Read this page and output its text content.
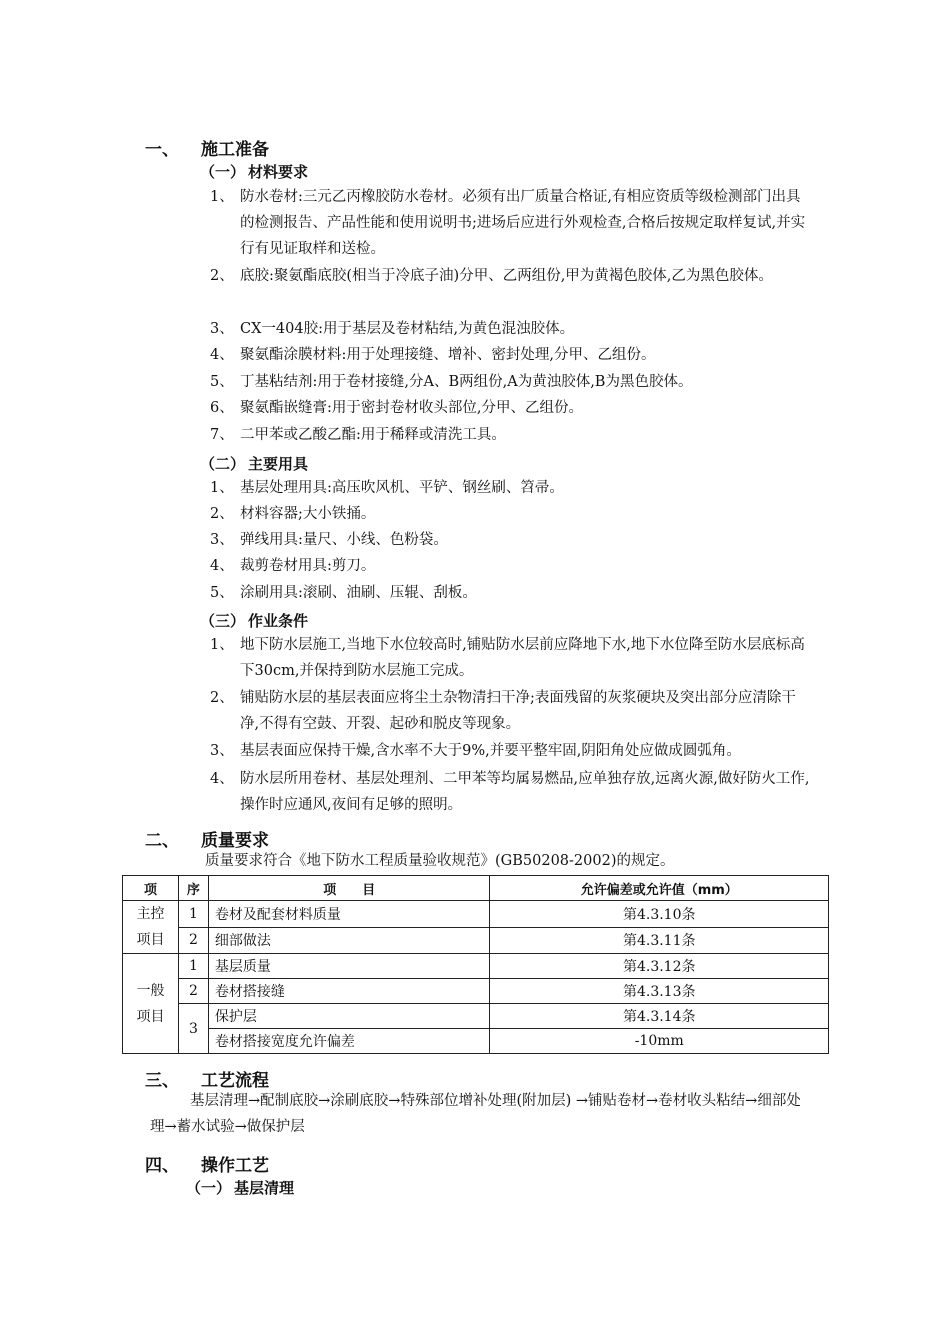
一、 施工准备
（一） 材料要求
1、 防水卷材:三元乙丙橡胶防水卷材。必须有出厂质量合格证,有相应资质等级检测部门出具的检测报告、产品性能和使用说明书;进场后应进行外观检查,合格后按规定取样复试,并实行有见证取样和送检。
2、 底胶:聚氨酯底胶(相当于冷底子油)分甲、乙两组份,甲为黄褐色胶体,乙为黑色胶体。
3、 CX一404胶:用于基层及卷材粘结,为黄色混浊胶体。
4、 聚氨酯涂膜材料:用于处理接缝、增补、密封处理,分甲、乙组份。
5、 丁基粘结剂:用于卷材接缝,分A、B两组份,A为黄浊胶体,B为黑色胶体。
6、 聚氨酯嵌缝膏:用于密封卷材收头部位,分甲、乙组份。
7、 二甲苯或乙酸乙酯:用于稀释或清洗工具。
（二） 主要用具
1、 基层处理用具:高压吹风机、平铲、钢丝刷、笤帚。
2、 材料容器;大小铁捅。
3、 弹线用具:量尺、小线、色粉袋。
4、 裁剪卷材用具:剪刀。
5、 涂刷用具:滚刷、油刷、压辊、刮板。
（三） 作业条件
1、 地下防水层施工,当地下水位较高时,铺贴防水层前应降地下水,地下水位降至防水层底标高下30cm,并保持到防水层施工完成。
2、 铺贴防水层的基层表面应将尘土杂物清扫干净;表面残留的灰浆硬块及突出部分应清除干净,不得有空鼓、开裂、起砂和脱皮等现象。
3、 基层表面应保持干燥,含水率不大于9%,并要平整牢固,阴阳角处应做成圆弧角。
4、 防水层所用卷材、基层处理剂、二甲苯等均属易燃品,应单独存放,远离火源,做好防火工作,操作时应通风,夜间有足够的照明。
二、 质量要求
质量要求符合《地下防水工程质量验收规范》(GB50208-2002)的规定。
项	序	项　　目	允许偏差或允许值（mm）
主控项目	1	卷材及配套材料质量	第4.3.10条
	2	细部做法	第4.3.11条
一般项目	1	基层质量	第4.3.12条
	2	卷材搭接缝	第4.3.13条
	3	保护层	第4.3.14条
		卷材搭接宽度允许偏差	-10mm
三、 工艺流程
基层清理→配制底胶→涂刷底胶→特殊部位增补处理(附加层) →铺贴卷材→卷材收头粘结→细部处理→蓄水试验→做保护层
四、 操作工艺
（一） 基层清理
